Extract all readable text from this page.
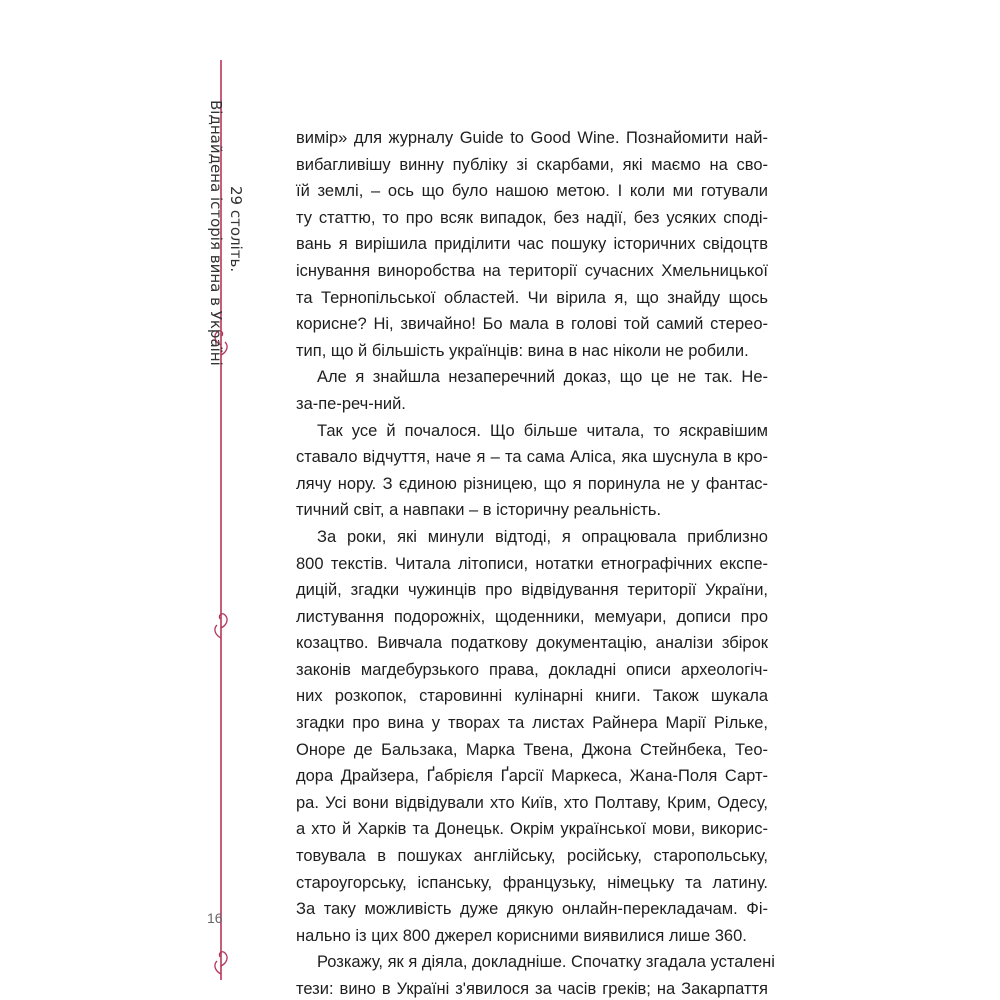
29 століть.
Віднайдена історія вина в Україні
16
вимір» для журналу Guide to Good Wine. Познайомити най-
вибагливішу винну публіку зі скарбами, які маємо на сво-
їй землі, – ось що було нашою метою. І коли ми готували
ту статтю, то про всяк випадок, без надії, без усяких споді-
вань я вирішила приділити час пошуку історичних свідоцтв
існування виноробства на території сучасних Хмельницької
та Тернопільської областей. Чи вірила я, що знайду щось
корисне? Ні, звичайно! Бо мала в голові той самий стерео-
тип, що й більшість українців: вина в нас ніколи не робили.
Але я знайшла незаперечний доказ, що це не так. Не-
за-пе-реч-ний.
Так усе й почалося. Що більше читала, то яскравішим
ставало відчуття, наче я – та сама Аліса, яка шуснула в кро-
лячу нору. З єдиною різницею, що я поринула не у фантас-
тичний світ, а навпаки – в історичну реальність.
За роки, які минули відтоді, я опрацювала приблизно
800 текстів. Читала літописи, нотатки етнографічних експе-
дицій, згадки чужинців про відвідування території України,
листування подорожніх, щоденники, мемуари, дописи про
козацтво. Вивчала податкову документацію, аналізи збірок
законів магдебурзького права, докладні описи археологіч-
них розкопок, старовинні кулінарні книги. Також шукала
згадки про вина у творах та листах Райнера Марії Рільке,
Оноре де Бальзака, Марка Твена, Джона Стейнбека, Тео-
дора Драйзера, Ґабрієля Ґарсії Маркеса, Жана-Поля Сарт-
ра. Усі вони відвідували хто Київ, хто Полтаву, Крим, Одесу,
а хто й Харків та Донецьк. Окрім української мови, викорис-
товувала в пошуках англійську, російську, старопольську,
староугорську, іспанську, французьку, німецьку та латину.
За таку можливість дуже дякую онлайн-перекладачам. Фі-
нально із цих 800 джерел корисними виявилися лише 360.
Розкажу, як я діяла, докладніше. Спочатку згадала усталені
тези: вино в Україні з'явилося за часів греків; на Закарпаття
